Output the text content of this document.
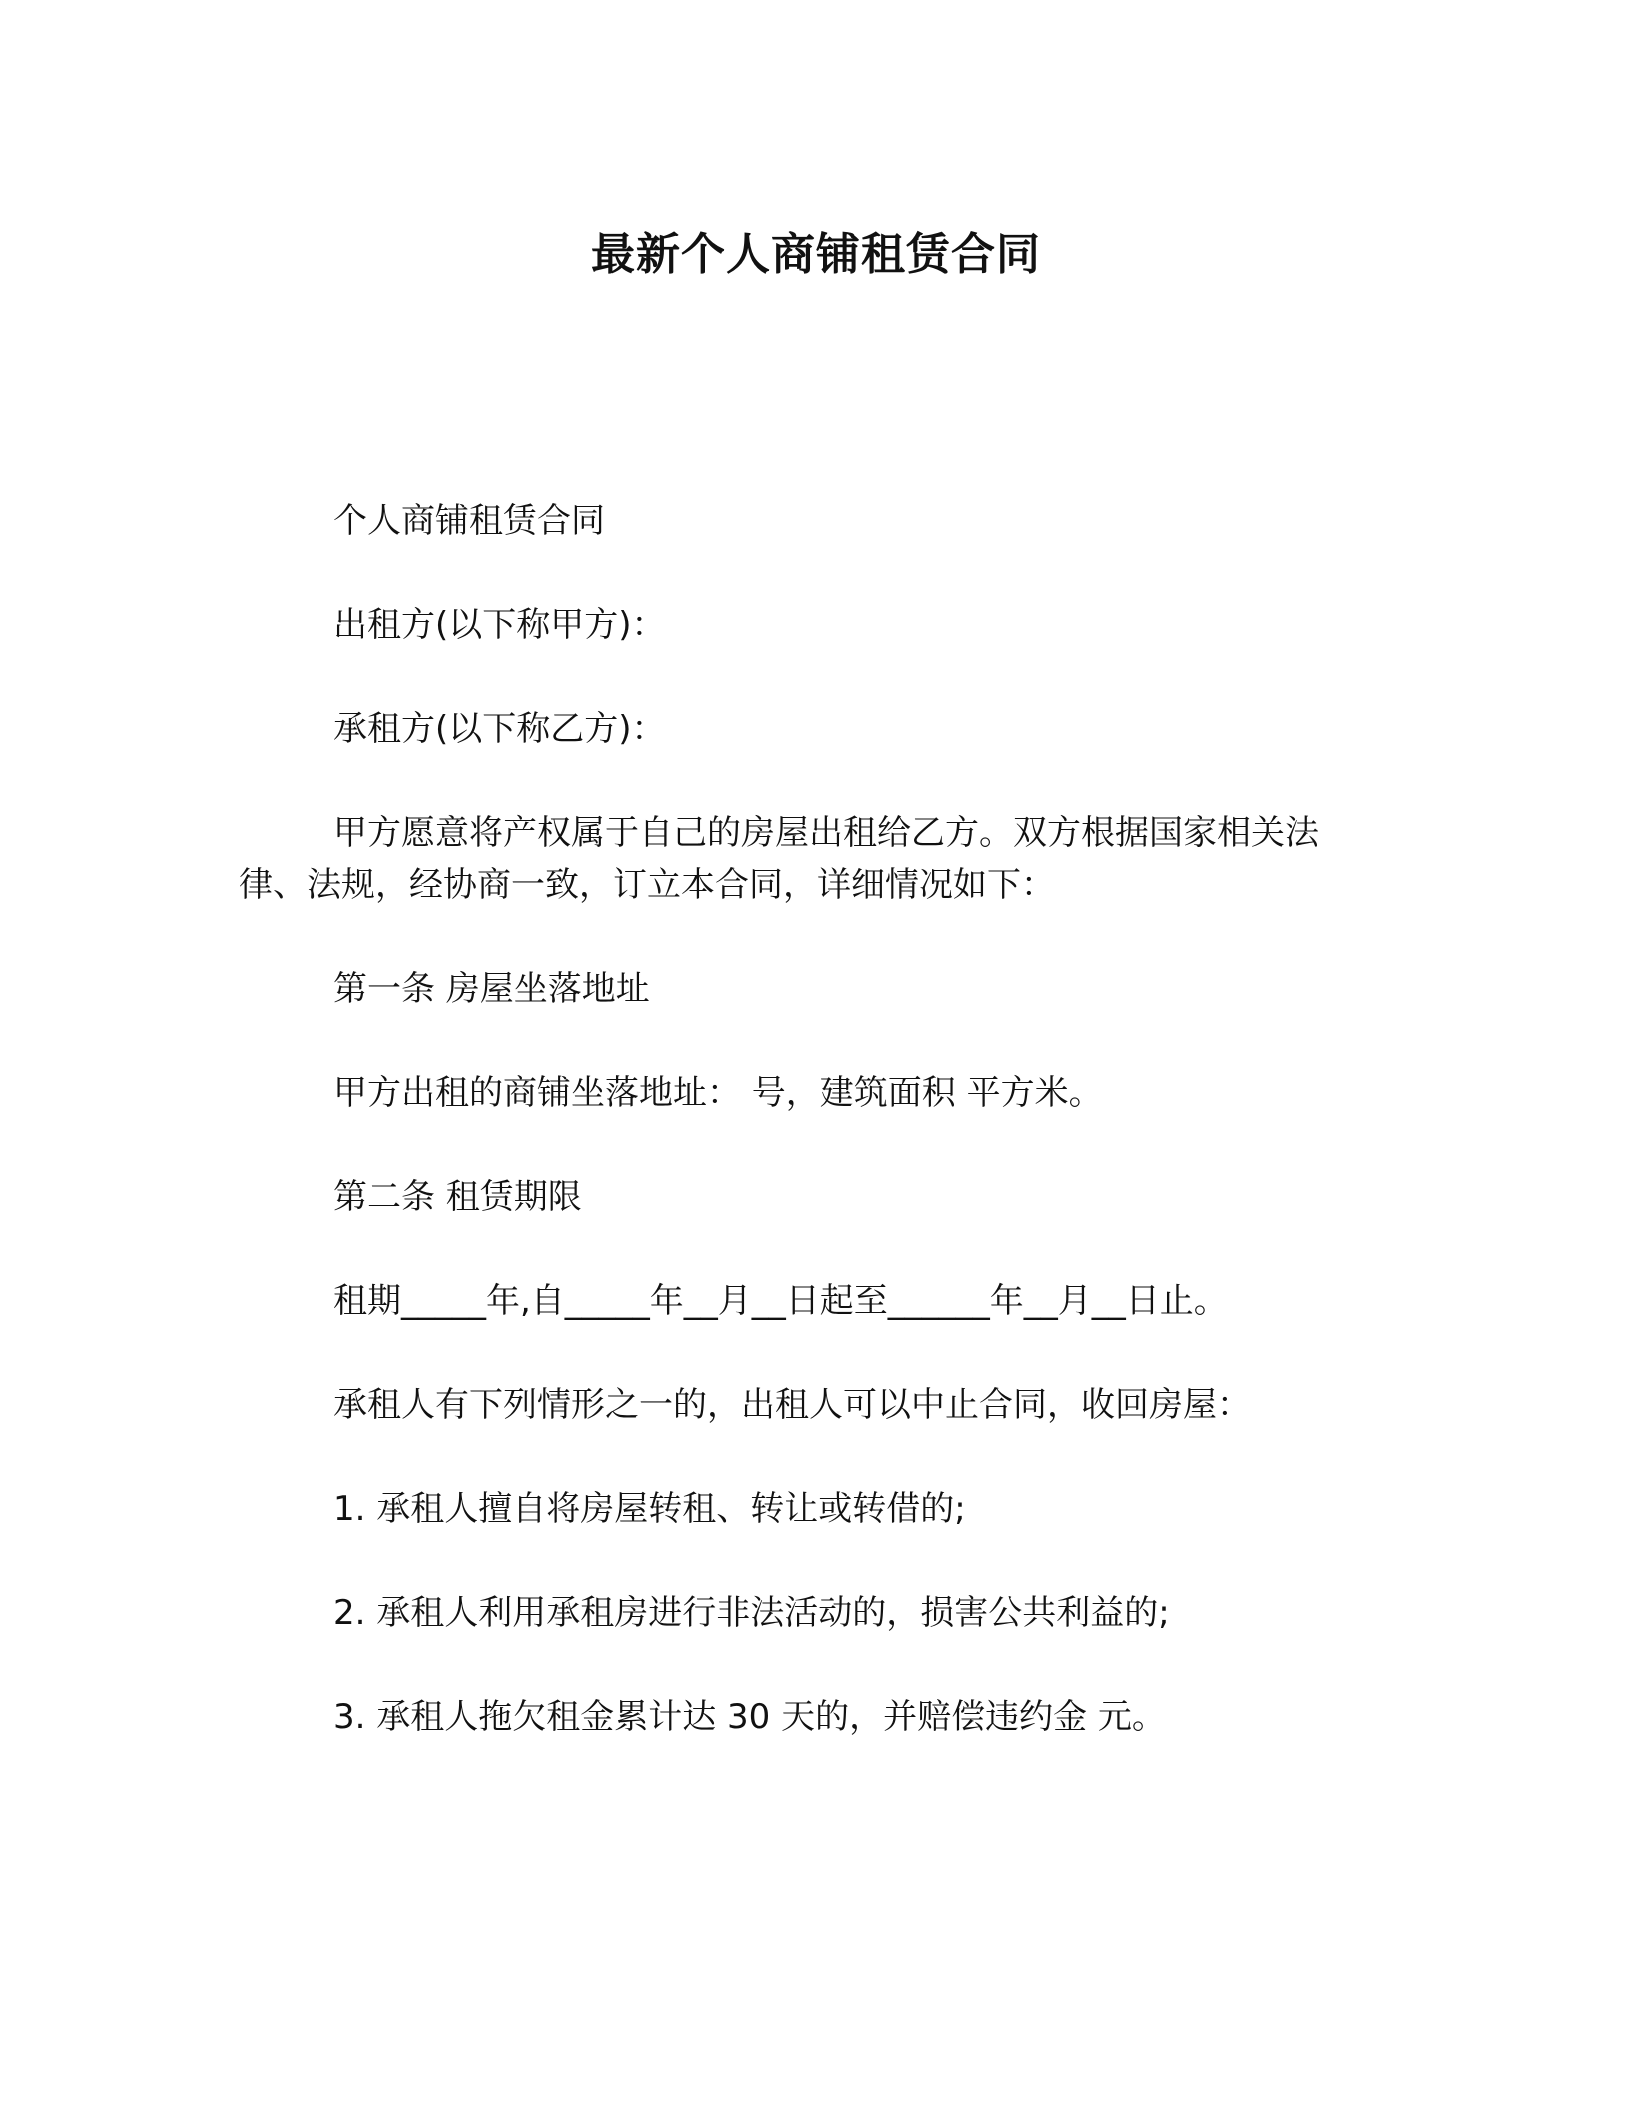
最新个人商铺租赁合同

个人商铺租赁合同

出租方(以下称甲方)：

承租方(以下称乙方)：

甲方愿意将产权属于自己的房屋出租给乙方。双方根据国家相关法律、法规，经协商一致，订立本合同，详细情况如下：

第一条 房屋坐落地址

甲方出租的商铺坐落地址： 号，建筑面积 平方米。

第二条 租赁期限

租期_____年,自_____年__月__日起至______年__月__日止。

承租人有下列情形之一的，出租人可以中止合同，收回房屋：

1. 承租人擅自将房屋转租、转让或转借的;

2. 承租人利用承租房进行非法活动的，损害公共利益的;

3. 承租人拖欠租金累计达 30 天的，并赔偿违约金 元。
